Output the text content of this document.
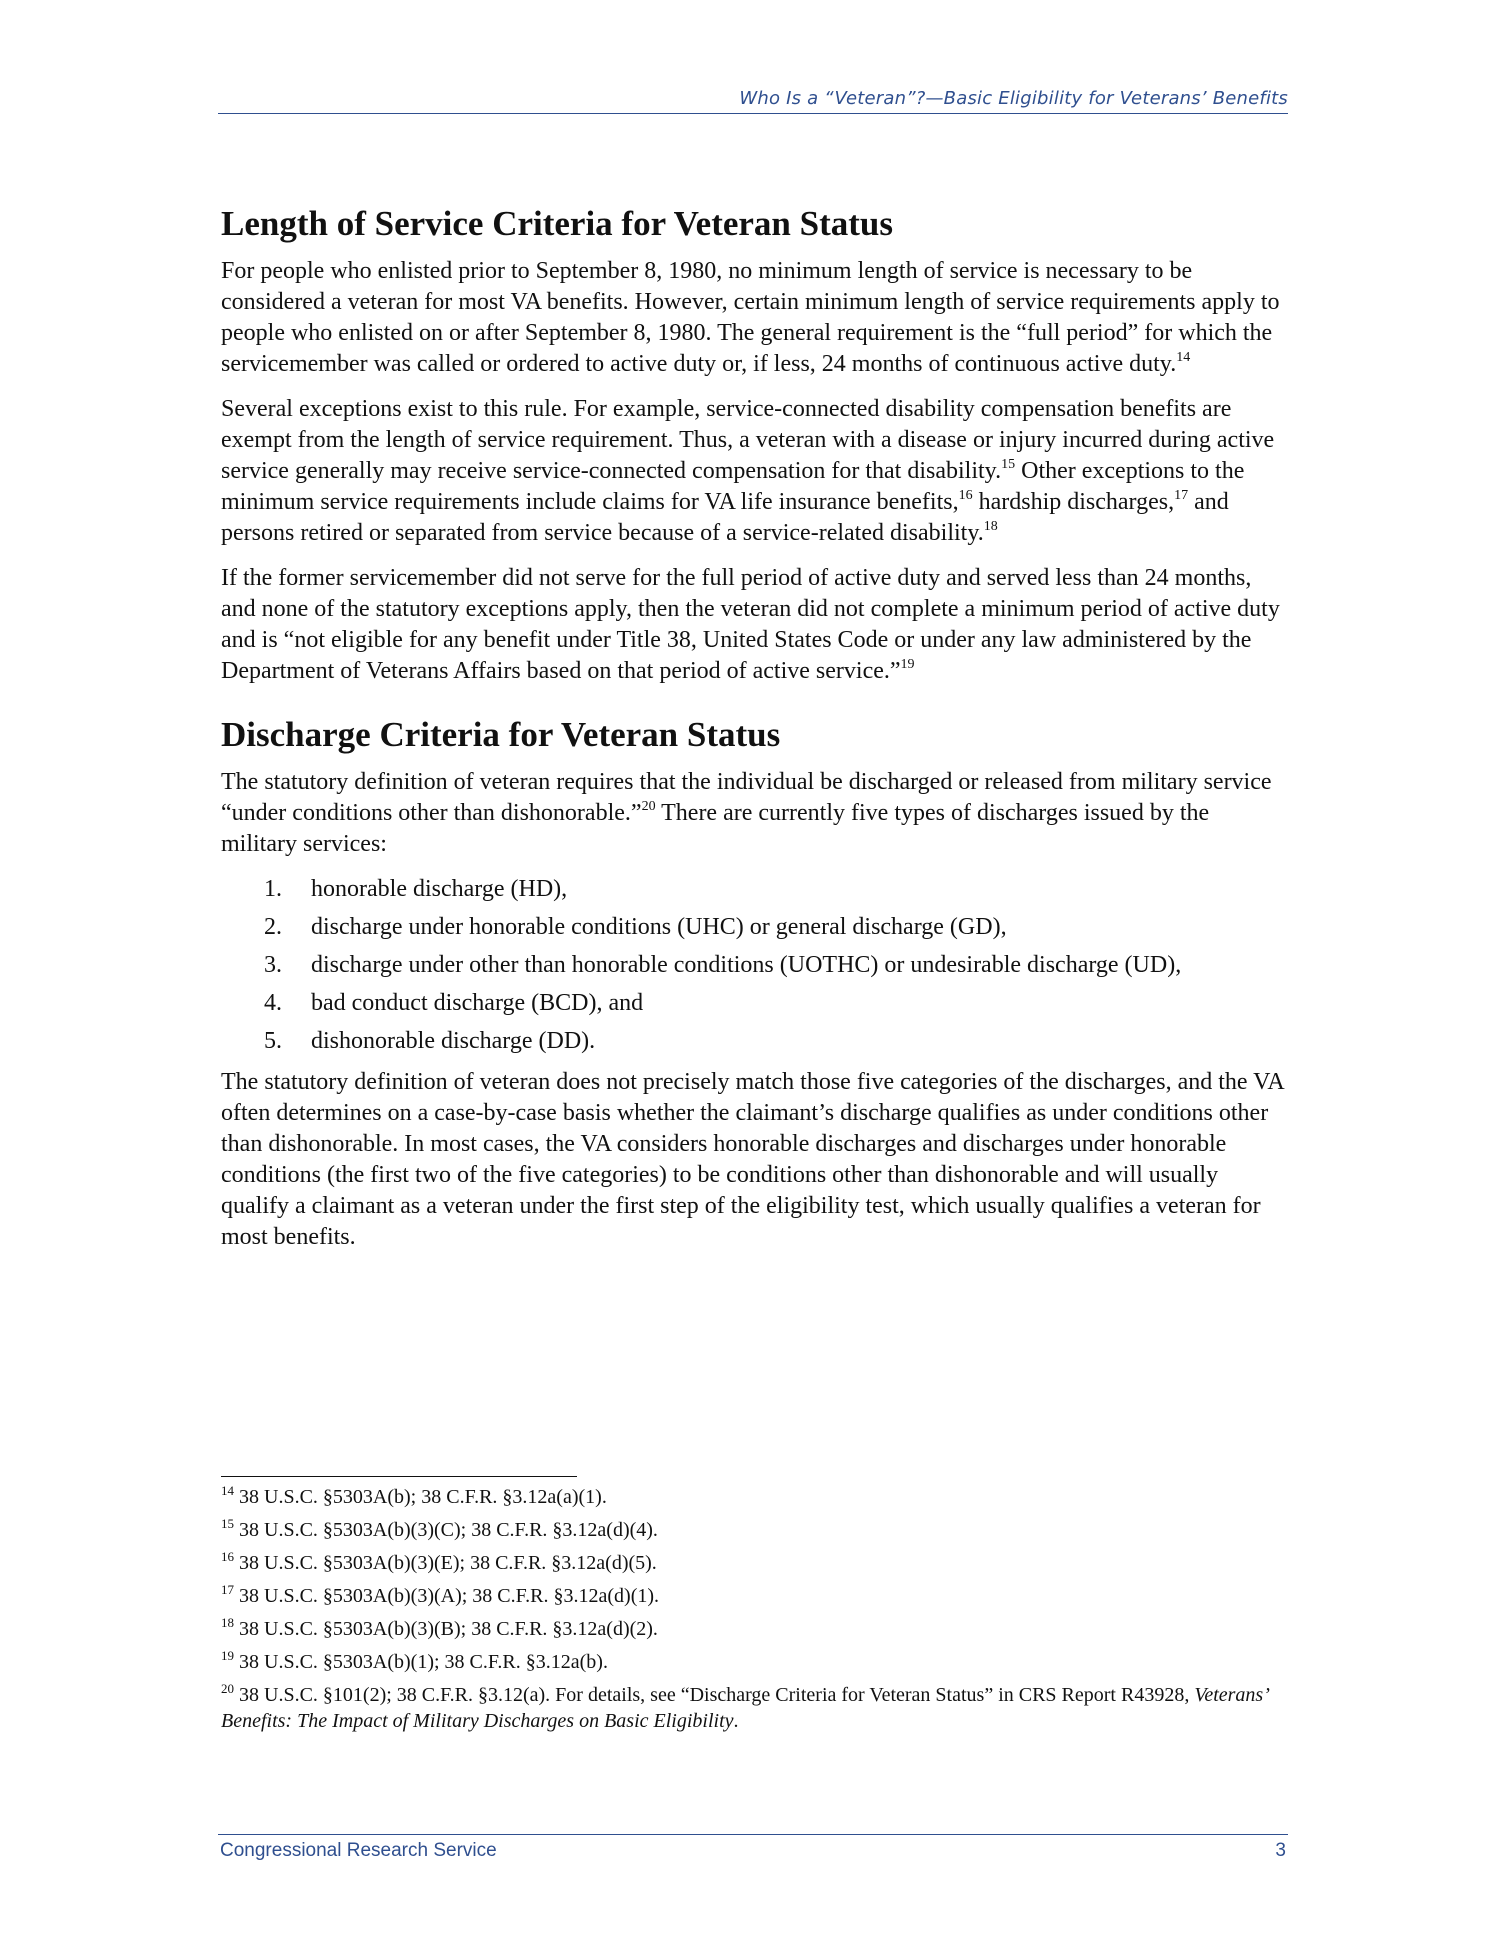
Who Is a “Veteran”?—Basic Eligibility for Veterans’ Benefits
Length of Service Criteria for Veteran Status

For people who enlisted prior to September 8, 1980, no minimum length of service is necessary to be considered a veteran for most VA benefits. However, certain minimum length of service requirements apply to people who enlisted on or after September 8, 1980. The general requirement is the “full period” for which the servicemember was called or ordered to active duty or, if less, 24 months of continuous active duty.$^{14}$

Several exceptions exist to this rule. For example, service-connected disability compensation benefits are exempt from the length of service requirement. Thus, a veteran with a disease or injury incurred during active service generally may receive service-connected compensation for that disability.$^{15}$ Other exceptions to the minimum service requirements include claims for VA life insurance benefits,$^{16}$ hardship discharges,$^{17}$ and persons retired or separated from service because of a service-related disability.$^{18}$

If the former servicemember did not serve for the full period of active duty and served less than 24 months, and none of the statutory exceptions apply, then the veteran did not complete a minimum period of active duty and is “not eligible for any benefit under Title 38, United States Code or under any law administered by the Department of Veterans Affairs based on that period of active service.”$^{19}$

Discharge Criteria for Veteran Status

The statutory definition of veteran requires that the individual be discharged or released from military service “under conditions other than dishonorable.”$^{20}$ There are currently five types of discharges issued by the military services:

1. honorable discharge (HD),
2. discharge under honorable conditions (UHC) or general discharge (GD),
3. discharge under other than honorable conditions (UOTHC) or undesirable discharge (UD),
4. bad conduct discharge (BCD), and
5. dishonorable discharge (DD).

The statutory definition of veteran does not precisely match those five categories of the discharges, and the VA often determines on a case-by-case basis whether the claimant’s discharge qualifies as under conditions other than dishonorable. In most cases, the VA considers honorable discharges and discharges under honorable conditions (the first two of the five categories) to be conditions other than dishonorable and will usually qualify a claimant as a veteran under the first step of the eligibility test, which usually qualifies a veteran for most benefits.

$^{14}$ 38 U.S.C. §5303A(b); 38 C.F.R. §3.12a(a)(1).
$^{15}$ 38 U.S.C. §5303A(b)(3)(C); 38 C.F.R. §3.12a(d)(4).
$^{16}$ 38 U.S.C. §5303A(b)(3)(E); 38 C.F.R. §3.12a(d)(5).
$^{17}$ 38 U.S.C. §5303A(b)(3)(A); 38 C.F.R. §3.12a(d)(1).
$^{18}$ 38 U.S.C. §5303A(b)(3)(B); 38 C.F.R. §3.12a(d)(2).
$^{19}$ 38 U.S.C. §5303A(b)(1); 38 C.F.R. §3.12a(b).
$^{20}$ 38 U.S.C. §101(2); 38 C.F.R. §3.12(a). For details, see “Discharge Criteria for Veteran Status” in CRS Report R43928, Veterans’ Benefits: The Impact of Military Discharges on Basic Eligibility.
Congressional Research Service	3
